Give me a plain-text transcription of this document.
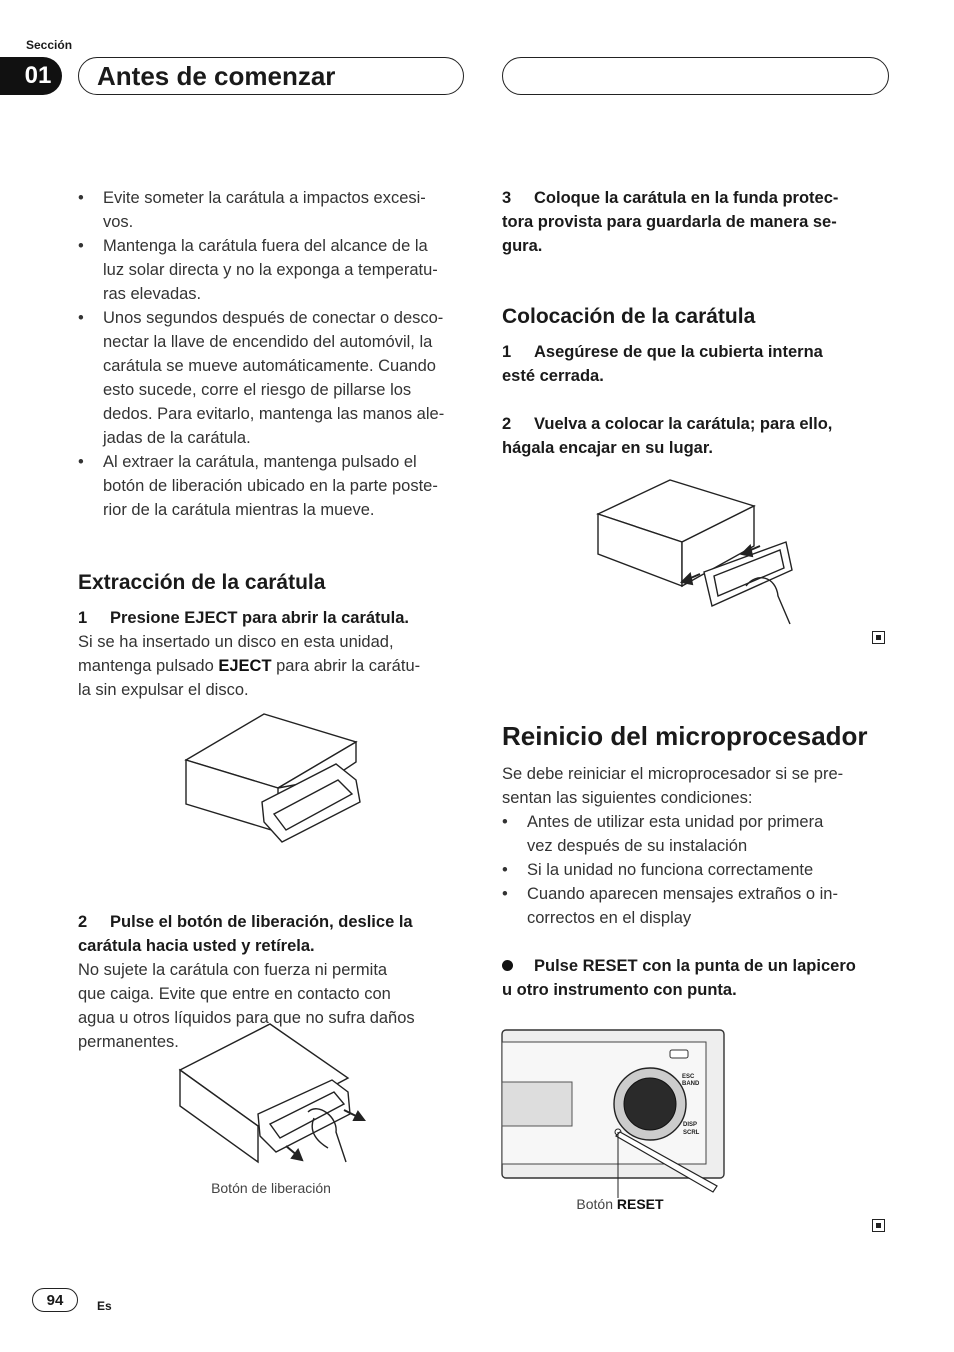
Sección
01	Antes de comenzar
• Evite someter la carátula a impactos excesi-
vos.
• Mantenga la carátula fuera del alcance de la
luz solar directa y no la exponga a temperatu-
ras elevadas.
• Unos segundos después de conectar o desco-
nectar la llave de encendido del automóvil, la
carátula se mueve automáticamente. Cuando
esto sucede, corre el riesgo de pillarse los
dedos. Para evitarlo, mantenga las manos ale-
jadas de la carátula.
• Al extraer la carátula, mantenga pulsado el
botón de liberación ubicado en la parte poste-
rior de la carátula mientras la mueve.
Extracción de la carátula

1 Presione EJECT para abrir la carátula.

Si se ha insertado un disco en esta unidad,
mantenga pulsado EJECT para abrir la carátu-
la sin expulsar el disco.

2 Pulse el botón de liberación, deslice la
carátula hacia usted y retírela.

No sujete la carátula con fuerza ni permita
que caiga. Evite que entre en contacto con
agua u otros líquidos para que no sufra daños
permanentes.

Botón de liberación

3 Coloque la carátula en la funda protec-
tora provista para guardarla de manera se-
gura.

Colocación de la carátula

1 Asegúrese de que la cubierta interna
esté cerrada.

2 Vuelva a colocar la carátula; para ello,
hágala encajar en su lugar.

Reinicio del microprocesador

Se debe reiniciar el microprocesador si se pre-
sentan las siguientes condiciones:

• Antes de utilizar esta unidad por primera
vez después de su instalación
• Si la unidad no funciona correctamente
• Cuando aparecen mensajes extraños o in-
correctos en el display

Pulse RESET con la punta de un lapicero
u otro instrumento con punta.

ESC
BAND
DISP
SCRL
Botón RESET
94	Es
